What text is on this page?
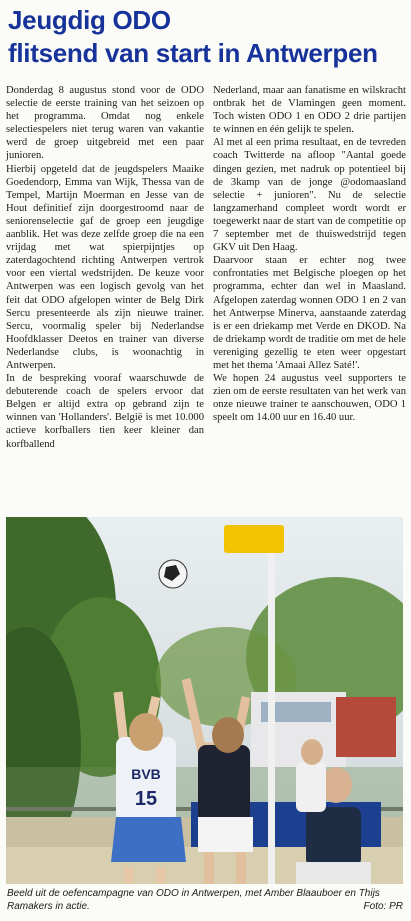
Jeugdig ODO
flitsend van start in Antwerpen

Donderdag 8 augustus stond voor de ODO selectie de eerste training van het seizoen op het programma. Omdat nog enkele selectiespelers niet terug waren van vakantie werd de groep uitgebreid met een paar junioren.

Hierbij opgeteld dat de jeugdspelers Maaike Goedendorp, Emma van Wijk, Thessa van de Tempel, Martijn Moerman en Jesse van de Hout definitief zijn doorgestroomd naar de seniorenselectie gaf de groep een jeugdige aanblik. Het was deze zelfde groep die na een vrijdag met wat spierpijntjes op zaterdagochtend richting Antwerpen vertrok voor een viertal wedstrijden. De keuze voor Antwerpen was een logisch gevolg van het feit dat ODO afgelopen winter de Belg Dirk Sercu presenteerde als zijn nieuwe trainer. Sercu, voormalig speler bij Nederlandse Hoofdklasser Deetos en trainer van diverse Nederlandse clubs, is woonachtig in Antwerpen.

In de bespreking vooraf waarschuwde de debuterende coach de spelers ervoor dat Belgen er altijd extra op gebrand zijn te winnen van 'Hollanders'. België is met 10.000 actieve korfballers tien keer kleiner dan korfballend

Nederland, maar aan fanatisme en wilskracht ontbrak het de Vlamingen geen moment. Toch wisten ODO 1 en ODO 2 drie partijen te winnen en één gelijk te spelen.

Al met al een prima resultaat, en de tevreden coach Twitterde na afloop "Aantal goede dingen gezien, met nadruk op potentieel bij de 3kamp van de jonge @odomaasland selectie + junioren". Nu de selectie langzamerhand compleet wordt wordt er toegewerkt naar de start van de competitie op 7 september met de thuiswedstrijd tegen GKV uit Den Haag.

Daarvoor staan er echter nog twee confrontaties met Belgische ploegen op het programma, echter dan wel in Maasland. Afgelopen zaterdag wonnen ODO 1 en 2 van het Antwerpse Minerva, aanstaande zaterdag is er een driekamp met Verde en DKOD. Na de driekamp wordt de traditie om met de hele vereniging gezellig te eten weer opgestart met het thema 'Amaai Allez Saté!'.

We hopen 24 augustus veel supporters te zien om de eerste resultaten van het werk van onze nieuwe trainer te aanschouwen, ODO 1 speelt om 14.00 uur en 16.40 uur.

BVB
15
Beeld uit de oefencampagne van ODO in Antwerpen, met Amber Blaauboer en Thijs Ramakers in actie.	Foto: PR
